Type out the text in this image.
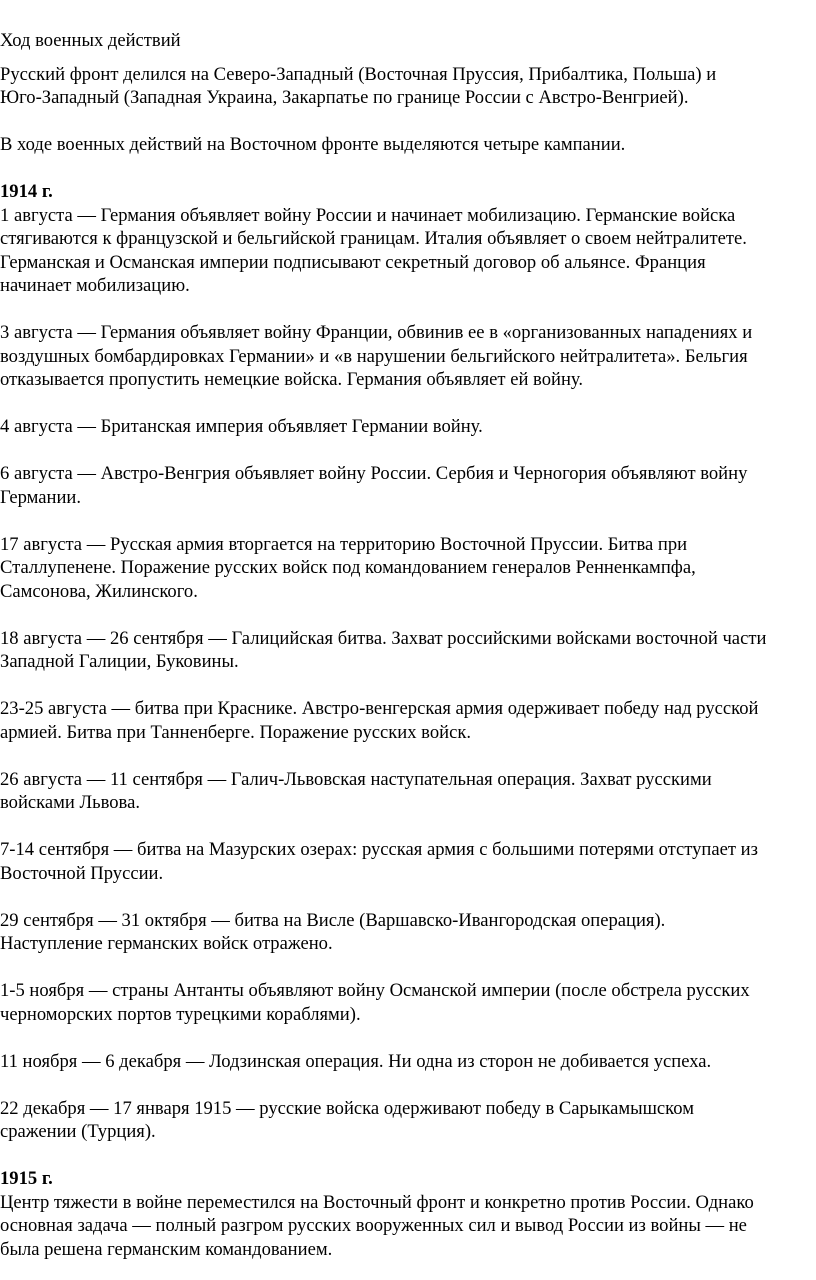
Ход военных действий
Русский фронт делился на Северо-Западный (Восточная Пруссия, Прибалтика, Польша) и
Юго-Западный (Западная Украина, Закарпатье по границе России с Австро-Венгрией).
В ходе военных действий на Восточном фронте выделяются четыре кампании.
1914 г.
1 августа — Германия объявляет войну России и начинает мобилизацию. Германские войска
стягиваются к французской и бельгийской границам. Италия объявляет о своем нейтралитете.
Германская и Османская империи подписывают секретный договор об альянсе. Франция
начинает мобилизацию.
3 августа — Германия объявляет войну Франции, обвинив ее в «организованных нападениях и
воздушных бомбардировках Германии» и «в нарушении бельгийского нейтралитета». Бельгия
отказывается пропустить немецкие войска. Германия объявляет ей войну.
4 августа — Британская империя объявляет Германии войну.
6 августа — Австро-Венгрия объявляет войну России. Сербия и Черногория объявляют войну
Германии.
17 августа — Русская армия вторгается на территорию Восточной Пруссии. Битва при
Сталлупенене. Поражение русских войск под командованием генералов Ренненкампфа,
Самсонова, Жилинского.
18 августа — 26 сентября — Галицийская битва. Захват российскими войсками восточной части
Западной Галиции, Буковины.
23-25 августа — битва при Краснике. Австро-венгерская армия одерживает победу над русской
армией. Битва при Танненберге. Поражение русских войск.
26 августа — 11 сентября — Галич-Львовская наступательная операция. Захват русскими
войсками Львова.
7-14 сентября — битва на Мазурских озерах: русская армия с большими потерями отступает из
Восточной Пруссии.
29 сентября — 31 октября — битва на Висле (Варшавско-Ивангородская операция).
Наступление германских войск отражено.
1-5 ноября — страны Антанты объявляют войну Османской империи (после обстрела русских
черноморских портов турецкими кораблями).
11 ноября — 6 декабря — Лодзинская операция. Ни одна из сторон не добивается успеха.
22 декабря — 17 января 1915 — русские войска одерживают победу в Сарыкамышском
сражении (Турция).
1915 г.
Центр тяжести в войне переместился на Восточный фронт и конкретно против России. Однако
основная задача — полный разгром русских вооруженных сил и вывод России из войны — не
была решена германским командованием.
